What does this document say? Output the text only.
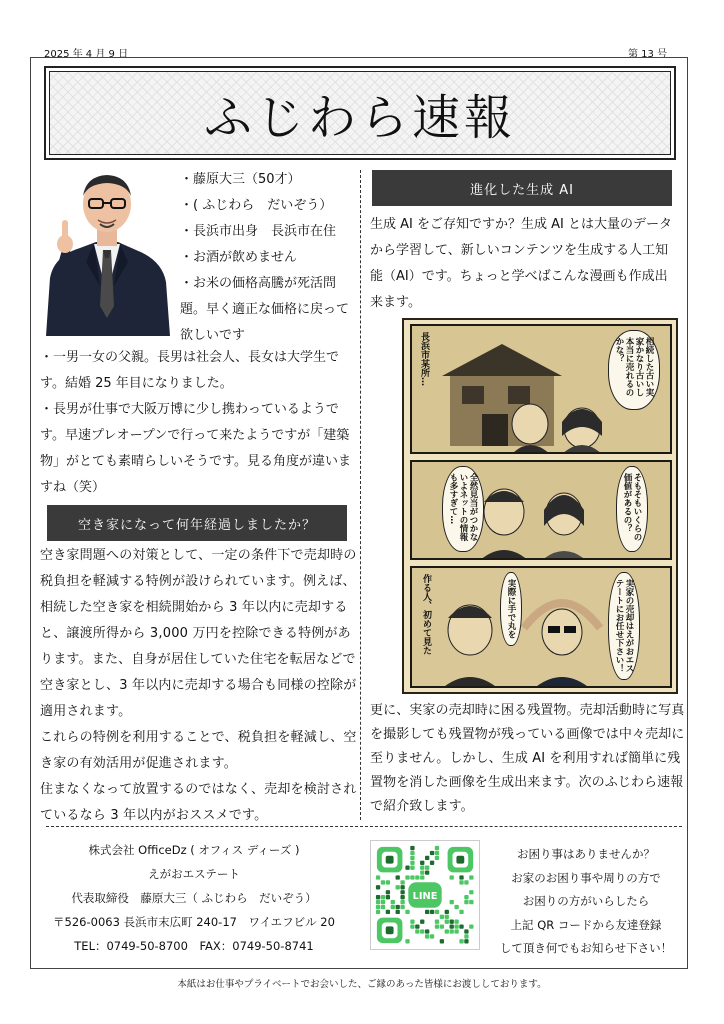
2025 年 4 月 9 日	第 13 号
ふじわら速報
・藤原大三（50才）
・( ふじわら　だいぞう）
・長浜市出身　長浜市在住
・お酒が飲めません
・お米の価格高騰が死活問題。早く適正な価格に戻って欲しいです
・一男一女の父親。長男は社会人、長女は大学生です。結婚 25 年目になりました。
・長男が仕事で大阪万博に少し携わっているようです。早速プレオープンで行って来たようですが「建築物」がとても素晴らしいそうです。見る角度が違いますね（笑）
空き家になって何年経過しましたか？
空き家問題への対策として、一定の条件下で売却時の税負担を軽減する特例が設けられています。例えば、相続した空き家を相続開始から 3 年以内に売却すると、譲渡所得から 3,000 万円を控除できる特例があります。また、自身が居住していた住宅を転居などで空き家とし、3 年以内に売却する場合も同様の控除が適用されます。
これらの特例を利用することで、税負担を軽減し、空き家の有効活用が促進されます。
住まなくなって放置するのではなく、売却を検討されているなら 3 年以内がおススメです。
進化した生成 AI
生成 AI をご存知ですか？生成 AI とは大量のデータから学習して、新しいコンテンツを生成する人工知能（AI）です。ちょっと学べばこんな漫画も作成出来ます。
長浜市某所…	相続した古い実家かなり古いし本当に売れるのかな？
全然見当がつかないよネットの情報も多すぎて…	そもそもいくらの価値があるの？
作る人、初めて見た	実際に手で丸を	実家の売却はえがおエステートにお任せ下さい！
更に、実家の売却時に困る残置物。売却活動時に写真を撮影しても残置物が残っている画像では中々売却に至りません。しかし、生成 AI を利用すれば簡単に残置物を消した画像を生成出来ます。次のふじわら速報で紹介致します。
株式会社 OfficeDz ( オフィス ディーズ )
えがおエステート
代表取締役　藤原大三（ ふじわら　だいぞう）
〒526-0063 長浜市末広町 240-17　ワイエフビル 20
TEL：0749-50-8700　FAX：0749-50-8741
LINE
お困り事はありませんか？
お家のお困り事や周りの方で
お困りの方がいらしたら
上記 QR コードから友達登録
して頂き何でもお知らせ下さい！
本紙はお仕事やプライベートでお会いした、ご縁のあった皆様にお渡ししております。
